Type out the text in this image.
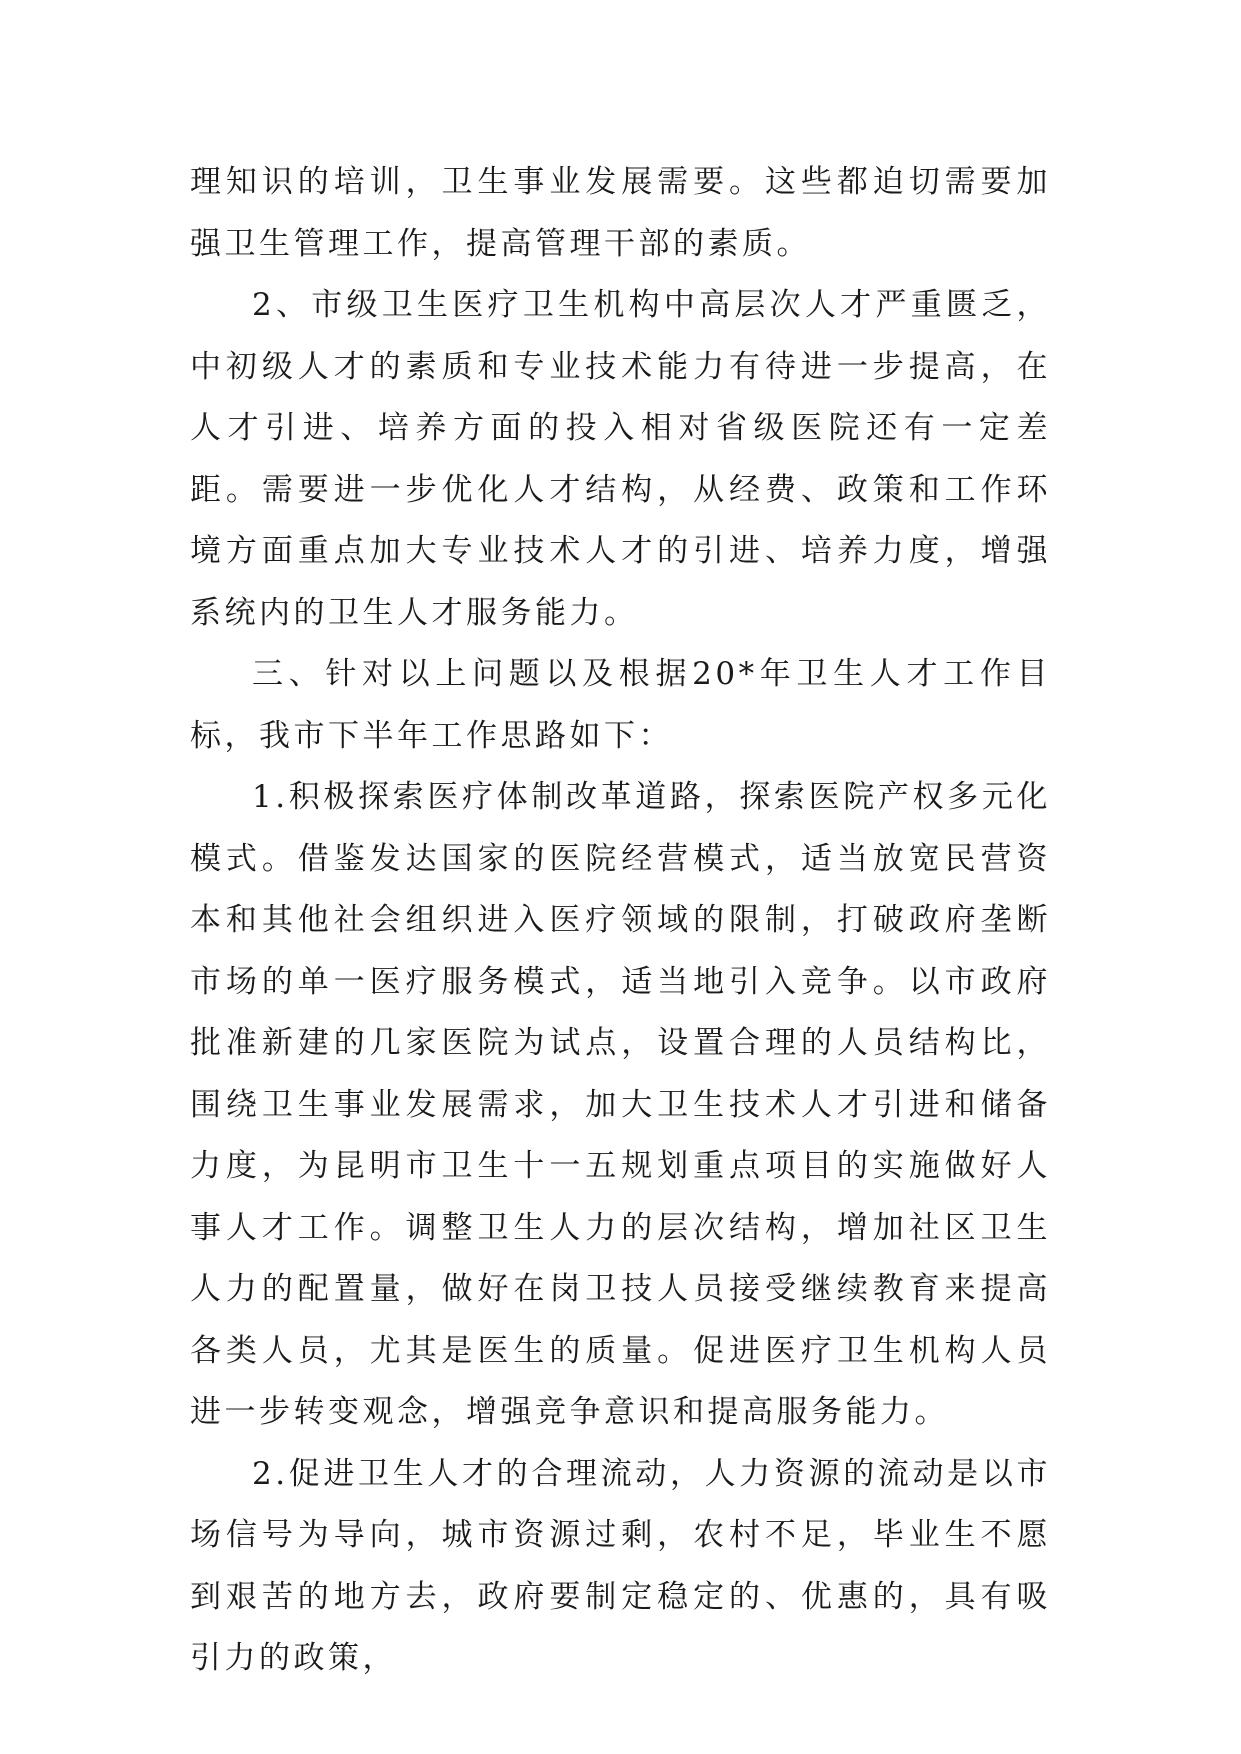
理知识的培训，卫生事业发展需要。这些都迫切需要加强卫生管理工作，提高管理干部的素质。

2、市级卫生医疗卫生机构中高层次人才严重匮乏，中初级人才的素质和专业技术能力有待进一步提高，在人才引进、培养方面的投入相对省级医院还有一定差距。需要进一步优化人才结构，从经费、政策和工作环境方面重点加大专业技术人才的引进、培养力度，增强系统内的卫生人才服务能力。

三、针对以上问题以及根据20*年卫生人才工作目标，我市下半年工作思路如下：

1.积极探索医疗体制改革道路，探索医院产权多元化模式。借鉴发达国家的医院经营模式，适当放宽民营资本和其他社会组织进入医疗领域的限制，打破政府垄断市场的单一医疗服务模式，适当地引入竞争。以市政府批准新建的几家医院为试点，设置合理的人员结构比，围绕卫生事业发展需求，加大卫生技术人才引进和储备力度，为昆明市卫生十一五规划重点项目的实施做好人事人才工作。调整卫生人力的层次结构，增加社区卫生人力的配置量，做好在岗卫技人员接受继续教育来提高各类人员，尤其是医生的质量。促进医疗卫生机构人员进一步转变观念，增强竞争意识和提高服务能力。

2.促进卫生人才的合理流动，人力资源的流动是以市场信号为导向，城市资源过剩，农村不足，毕业生不愿到艰苦的地方去，政府要制定稳定的、优惠的，具有吸引力的政策，
